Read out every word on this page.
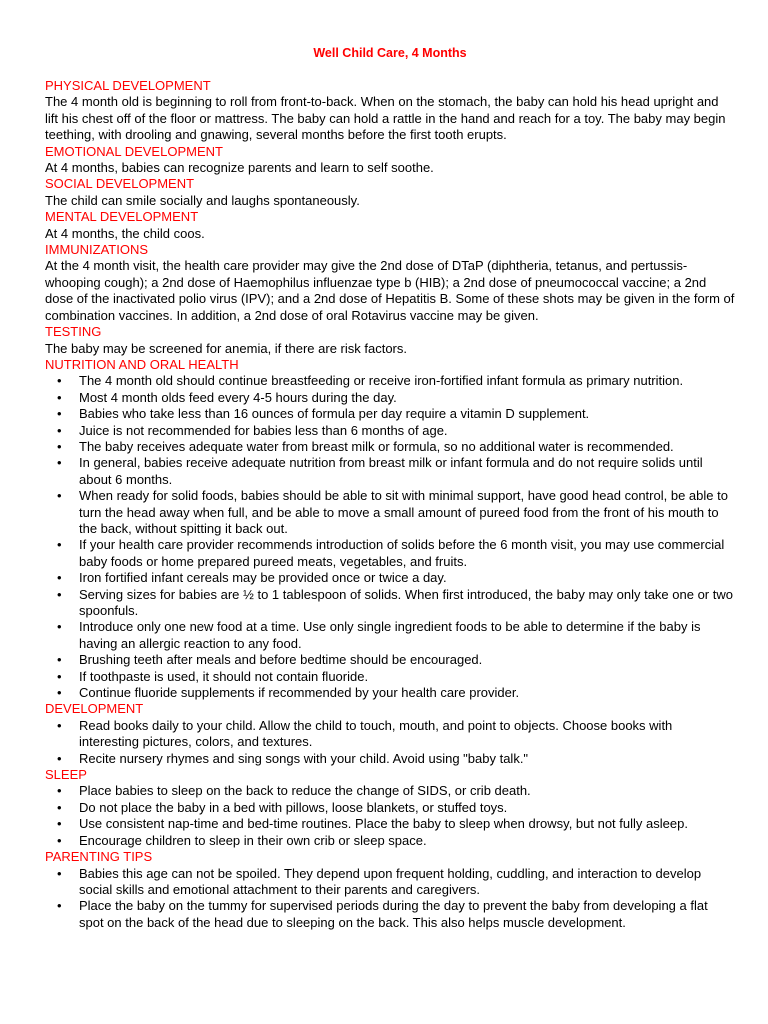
Well Child Care, 4 Months
PHYSICAL DEVELOPMENT

The 4 month old is beginning to roll from front-to-back. When on the stomach, the baby can hold his head upright and lift his chest off of the floor or mattress. The baby can hold a rattle in the hand and reach for a toy. The baby may begin teething, with drooling and gnawing, several months before the first tooth erupts.

EMOTIONAL DEVELOPMENT

At 4 months, babies can recognize parents and learn to self soothe.

SOCIAL DEVELOPMENT

The child can smile socially and laughs spontaneously.

MENTAL DEVELOPMENT

At 4 months, the child coos.

IMMUNIZATIONS

At the 4 month visit, the health care provider may give the 2nd dose of DTaP (diphtheria, tetanus, and pertussis-whooping cough); a 2nd dose of Haemophilus influenzae type b (HIB); a 2nd dose of pneumococcal vaccine; a 2nd dose of the inactivated polio virus (IPV); and a 2nd dose of Hepatitis B. Some of these shots may be given in the form of combination vaccines. In addition, a 2nd dose of oral Rotavirus vaccine may be given.

TESTING

The baby may be screened for anemia, if there are risk factors.

NUTRITION AND ORAL HEALTH
• The 4 month old should continue breastfeeding or receive iron-fortified infant formula as primary nutrition.
• Most 4 month olds feed every 4-5 hours during the day.
• Babies who take less than 16 ounces of formula per day require a vitamin D supplement.
• Juice is not recommended for babies less than 6 months of age.
• The baby receives adequate water from breast milk or formula, so no additional water is recommended.
• In general, babies receive adequate nutrition from breast milk or infant formula and do not require solids until about 6 months.
• When ready for solid foods, babies should be able to sit with minimal support, have good head control, be able to turn the head away when full, and be able to move a small amount of pureed food from the front of his mouth to the back, without spitting it back out.
• If your health care provider recommends introduction of solids before the 6 month visit, you may use commercial baby foods or home prepared pureed meats, vegetables, and fruits.
• Iron fortified infant cereals may be provided once or twice a day.
• Serving sizes for babies are ½ to 1 tablespoon of solids. When first introduced, the baby may only take one or two spoonfuls.
• Introduce only one new food at a time. Use only single ingredient foods to be able to determine if the baby is having an allergic reaction to any food.
• Brushing teeth after meals and before bedtime should be encouraged.
• If toothpaste is used, it should not contain fluoride.
• Continue fluoride supplements if recommended by your health care provider.
DEVELOPMENT
• Read books daily to your child. Allow the child to touch, mouth, and point to objects. Choose books with interesting pictures, colors, and textures.
• Recite nursery rhymes and sing songs with your child. Avoid using "baby talk."
SLEEP
• Place babies to sleep on the back to reduce the change of SIDS, or crib death.
• Do not place the baby in a bed with pillows, loose blankets, or stuffed toys.
• Use consistent nap-time and bed-time routines. Place the baby to sleep when drowsy, but not fully asleep.
• Encourage children to sleep in their own crib or sleep space.
PARENTING TIPS
• Babies this age can not be spoiled. They depend upon frequent holding, cuddling, and interaction to develop social skills and emotional attachment to their parents and caregivers.
• Place the baby on the tummy for supervised periods during the day to prevent the baby from developing a flat spot on the back of the head due to sleeping on the back. This also helps muscle development.
